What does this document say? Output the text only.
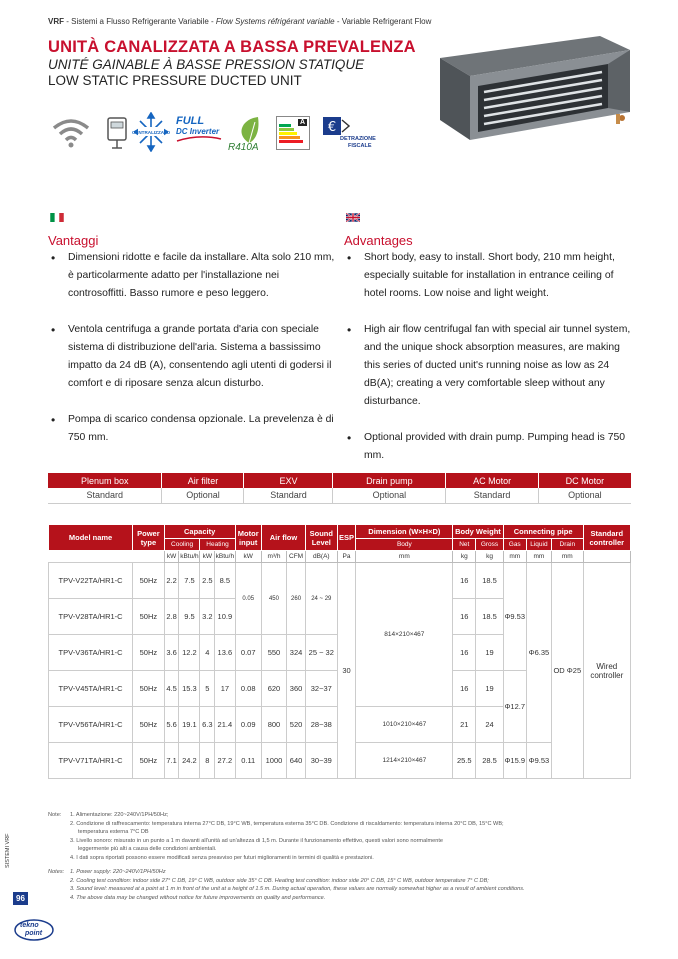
VRF - Sistemi a Flusso Refrigerante Variabile - Flow Systems réfrigérant variable - Variable Refrigerant Flow
UNITÀ CANALIZZATA A BASSA PREVALENZA
UNITÉ GAINABLE À BASSE PRESSION STATIQUE
LOW STATIC PRESSURE DUCTED UNIT
CENTRALIZZATO
FULL
DC Inverter
R410A
A €
DETRAZIONE
FISCALE
Vantaggi
• Dimensioni ridotte e facile da installare. Alta solo 210 mm, è particolarmente adatto per l'installazione nei controsoffitti. Basso rumore e peso leggero.
• Ventola centrifuga a grande portata d'aria con speciale sistema di distribuzione dell'aria. Sistema a bassissimo impatto da 24 dB (A), consentendo agli utenti di godersi il comfort e di riposare senza alcun disturbo.
• Pompa di scarico condensa opzionale. La prevelenza è di 750 mm.
Advantages
• Short body, easy to install. Short body, 210 mm height, especially suitable for installation in entrance ceiling of hotel rooms. Low noise and light weight.
• High air flow centrifugal fan with special air tunnel system, and the unique shock absorption measures, are making this series of ducted unit's running noise as low as 24 dB(A); creating a very comfortable sleep without any disturbance.
• Optional provided with drain pump. Pumping head is 750 mm.
Plenum box	Air filter	EXV	Drain pump	AC Motor	DC Motor
Standard	Optional	Standard	Optional	Standard	Optional
Model name	Power type	Capacity				Motor input	Air flow		Sound Level	ESP	Dimension (W×H×D)	Body Weight		Connecting pipe			Standard controller
		Cooling		Heating							Body	Net	Gross	Gas	Liquid	Drain	
		kW	kBtu/h	kW	kBtu/h	kW	m³/h	CFM	dB(A)	Pa	mm	kg	kg	mm	mm	mm	
TPV-V22TA/HR1-C	50Hz	2.2	7.5	2.5	8.5	0.05	450	260	24 ~ 29	30	814×210×467	16	18.5	Φ9.53	Φ6.35	OD Φ25	Wired controller
TPV-V28TA/HR1-C	50Hz	2.8	9.5	3.2	10.9							16	18.5				
TPV-V36TA/HR1-C	50Hz	3.6	12.2	4	13.6	0.07	550	324	25 ~ 32			16	19				
TPV-V45TA/HR1-C	50Hz	4.5	15.3	5	17	0.08	620	360	32~37			16	19	Φ12.7			
TPV-V56TA/HR1-C	50Hz	5.6	19.1	6.3	21.4	0.09	800	520	28~38		1010×210×467	21	24				
TPV-V71TA/HR1-C	50Hz	7.1	24.2	8	27.2	0.11	1000	640	30~39		1214×210×467	25.5	28.5	Φ15.9	Φ9.53		
Note: 1. Alimentazione: 220~240V/1PH/50Hz;
2. Condizione di raffrescamento: temperatura interna 27°C DB, 19°C WB, temperatura esterna 35°C DB. Condizione di riscaldamento: temperatura interna 20°C DB, 15°C WB;
temperatura esterna 7°C DB
3. Livello sonoro: misurato in un punto a 1 m davanti all'unità ad un'altezza di 1,5 m. Durante il funzionamento effettivo, questi valori sono normalmente
leggermente più alti a causa delle condizioni ambientali.
4. I dati sopra riportati possono essere modificati senza preavviso per futuri miglioramenti in termini di qualità e prestazioni.
Notes: 1. Power supply: 220~240V/1PH/50Hz
2. Cooling test condition: indoor side 27° C DB, 19° C WB, outdoor side 35° C DB. Heating test condition: indoor side 20° C DB, 15° C WB, outdoor temperature 7° C DB;
3. Sound level: measured at a point at 1 m in front of the unit at a height of 1.5 m. During actual operation, these values are normally somewhat higher as a result of ambient conditions.
4. The above data may be changed without notice for future improvements on quality and performance.
SISTEMI VRF
96
tekno
point
